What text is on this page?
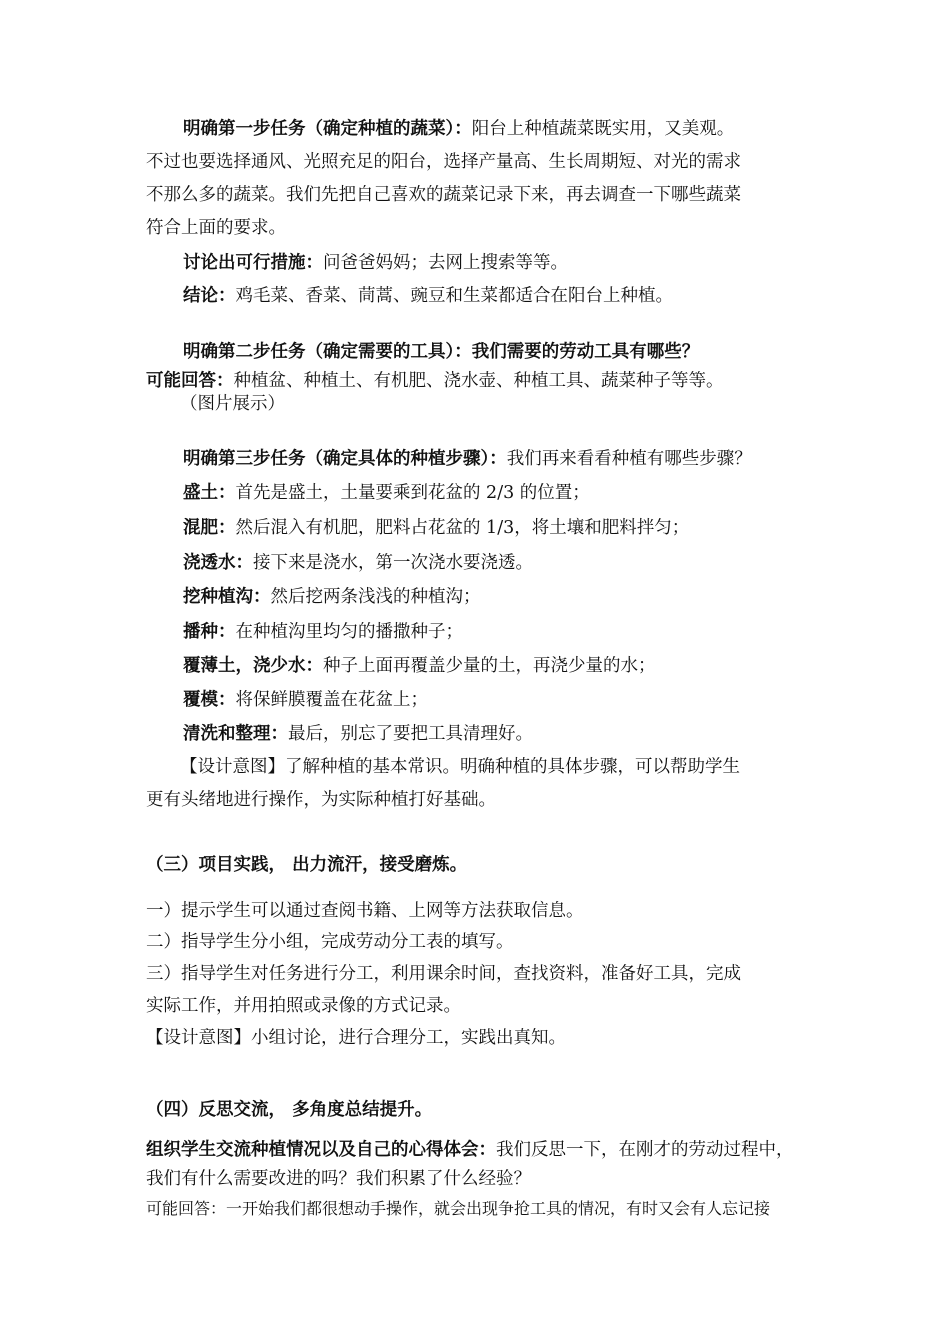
明确第一步任务（确定种植的蔬菜）：阳台上种植蔬菜既实用，又美观。
不过也要选择通风、光照充足的阳台，选择产量高、生长周期短、对光的需求
不那么多的蔬菜。我们先把自己喜欢的蔬菜记录下来，再去调查一下哪些蔬菜
符合上面的要求。
讨论出可行措施：问爸爸妈妈；去网上搜索等等。
结论：鸡毛菜、香菜、茼蒿、豌豆和生菜都适合在阳台上种植。
明确第二步任务（确定需要的工具）：我们需要的劳动工具有哪些？
可能回答：种植盆、种植土、有机肥、浇水壶、种植工具、蔬菜种子等等。
（图片展示）
明确第三步任务（确定具体的种植步骤）：我们再来看看种植有哪些步骤？
盛土：首先是盛土，土量要乘到花盆的 2/3 的位置；
混肥：然后混入有机肥，肥料占花盆的 1/3，将土壤和肥料拌匀；
浇透水：接下来是浇水，第一次浇水要浇透。
挖种植沟：然后挖两条浅浅的种植沟；
播种：在种植沟里均匀的播撒种子；
覆薄土，浇少水：种子上面再覆盖少量的土，再浇少量的水；
覆模：将保鲜膜覆盖在花盆上；
清洗和整理：最后，别忘了要把工具清理好。
【设计意图】了解种植的基本常识。明确种植的具体步骤，可以帮助学生
更有头绪地进行操作，为实际种植打好基础。
（三）项目实践， 出力流汗，接受磨炼。
一）提示学生可以通过查阅书籍、上网等方法获取信息。
二）指导学生分小组，完成劳动分工表的填写。
三）指导学生对任务进行分工，利用课余时间，查找资料，准备好工具，完成
实际工作，并用拍照或录像的方式记录。
【设计意图】小组讨论，进行合理分工，实践出真知。
（四）反思交流， 多角度总结提升。
组织学生交流种植情况以及自己的心得体会：我们反思一下，在刚才的劳动过程中，
我们有什么需要改进的吗？我们积累了什么经验？
可能回答：一开始我们都很想动手操作，就会出现争抢工具的情况，有时又会有人忘记接
